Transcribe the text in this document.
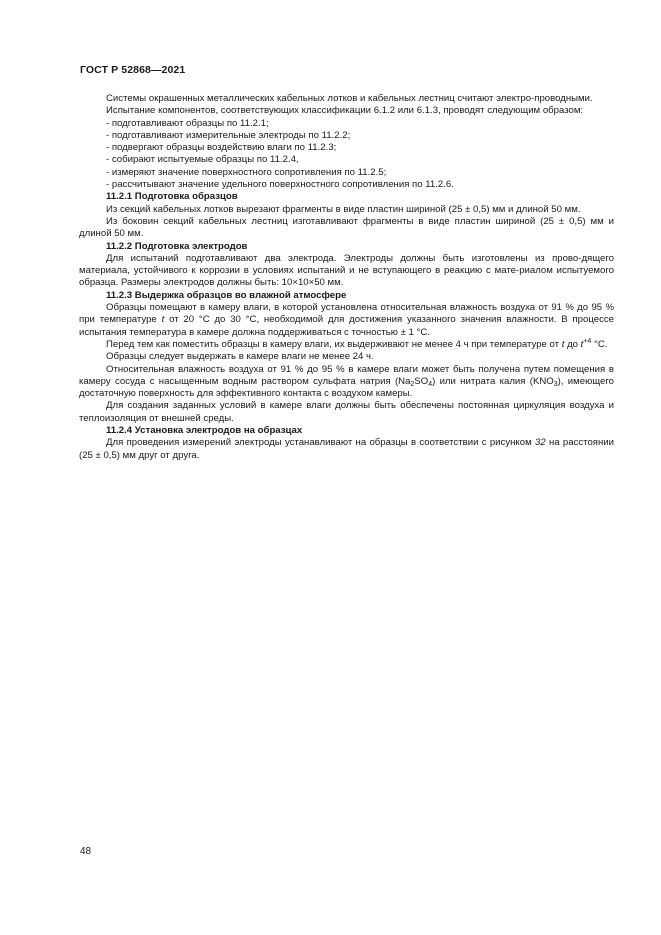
ГОСТ Р 52868—2021

Системы окрашенных металлических кабельных лотков и кабельных лестниц считают электро-проводными.

Испытание компонентов, соответствующих классификации 6.1.2 или 6.1.3, проводят следующим образом:

- подготавливают образцы по 11.2.1;

- подготавливают измерительные электроды по 11.2.2;

- подвергают образцы воздействию влаги по 11.2.3;

- собирают испытуемые образцы по 11.2.4,

- измеряют значение поверхностного сопротивления по 11.2.5;

- рассчитывают значение удельного поверхностного сопротивления по 11.2.6.

11.2.1 Подготовка образцов

Из секций кабельных лотков вырезают фрагменты в виде пластин шириной (25 ± 0,5) мм и длиной 50 мм.

Из боковин секций кабельных лестниц изготавливают фрагменты в виде пластин шириной (25 ± 0,5) мм и длиной 50 мм.

11.2.2 Подготовка электродов

Для испытаний подготавливают два электрода. Электроды должны быть изготовлены из прово-дящего материала, устойчивого к коррозии в условиях испытаний и не вступающего в реакцию с мате-риалом испытуемого образца. Размеры электродов должны быть: 10×10×50 мм.

11.2.3 Выдержка образцов во влажной атмосфере

Образцы помещают в камеру влаги, в которой установлена относительная влажность воздуха от 91 % до 95 % при температуре t от 20 °С до 30 °С, необходимой для достижения указанного значения влажности. В процессе испытания температура в камере должна поддерживаться с точностью ± 1 °С.

Перед тем как поместить образцы в камеру влаги, их выдерживают не менее 4 ч при температуре от t до $t^{+4}$ °С.

Образцы следует выдержать в камере влаги не менее 24 ч.

Относительная влажность воздуха от 91 % до 95 % в камере влаги может быть получена путем помещения в камеру сосуда с насыщенным водным раствором сульфата натрия $(Na_2SO_4)$ или нитрата калия $(KNO_3)$, имеющего достаточную поверхность для эффективного контакта с воздухом камеры.

Для создания заданных условий в камере влаги должны быть обеспечены постоянная циркуляция воздуха и теплоизоляция от внешней среды.

11.2.4 Установка электродов на образцах

Для проведения измерений электроды устанавливают на образцы в соответствии с рисунком 32 на расстоянии (25 ± 0,5) мм друг от друга.

48
